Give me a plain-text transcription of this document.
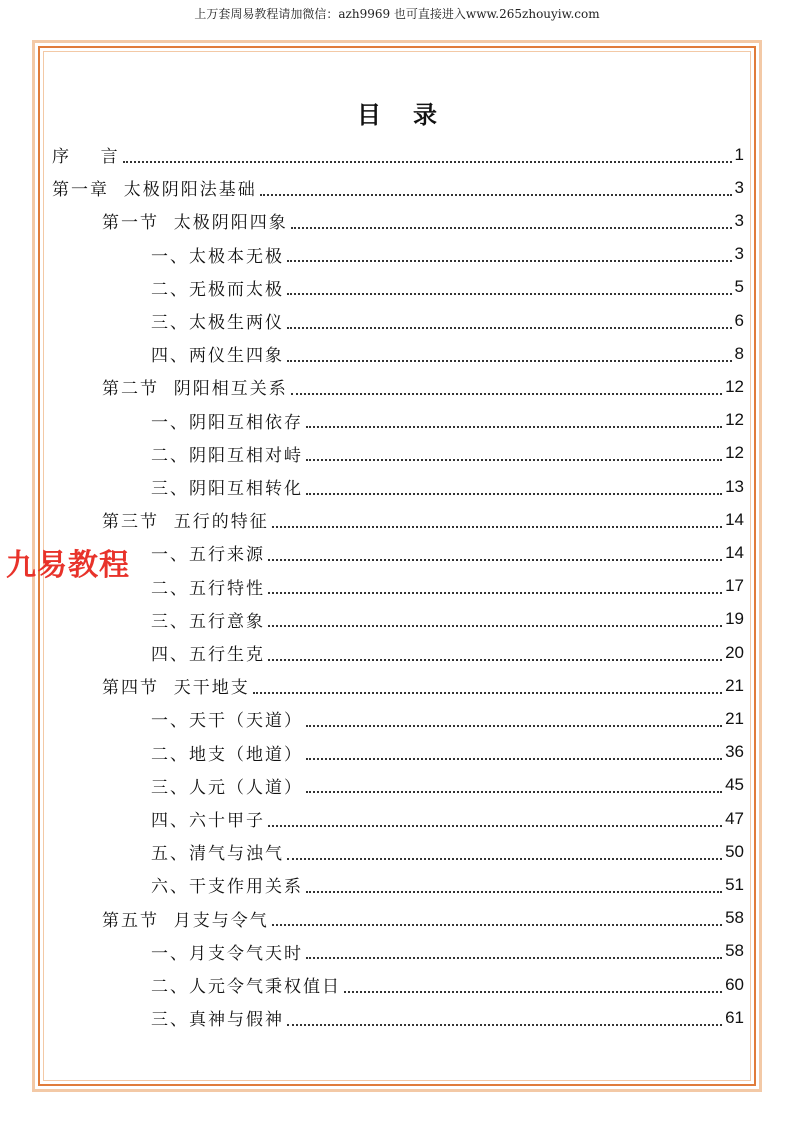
上万套周易教程请加微信：azh9969 也可直接进入www.265zhouyiw.com
目录
序    言	1
第一章  太极阴阳法基础	3
第一节  太极阴阳四象	3
一、太极本无极	3
二、无极而太极	5
三、太极生两仪	6
四、两仪生四象	8
第二节  阴阳相互关系	12
一、阴阳互相依存	12
二、阴阳互相对峙	12
三、阴阳互相转化	13
第三节  五行的特征	14
一、五行来源	14
二、五行特性	17
三、五行意象	19
四、五行生克	20
第四节  天干地支	21
一、天干（天道）	21
二、地支（地道）	36
三、人元（人道）	45
四、六十甲子	47
五、清气与浊气	50
六、干支作用关系	51
第五节  月支与令气	58
一、月支令气天时	58
二、人元令气秉权值日	60
三、真神与假神	61
九易教程
